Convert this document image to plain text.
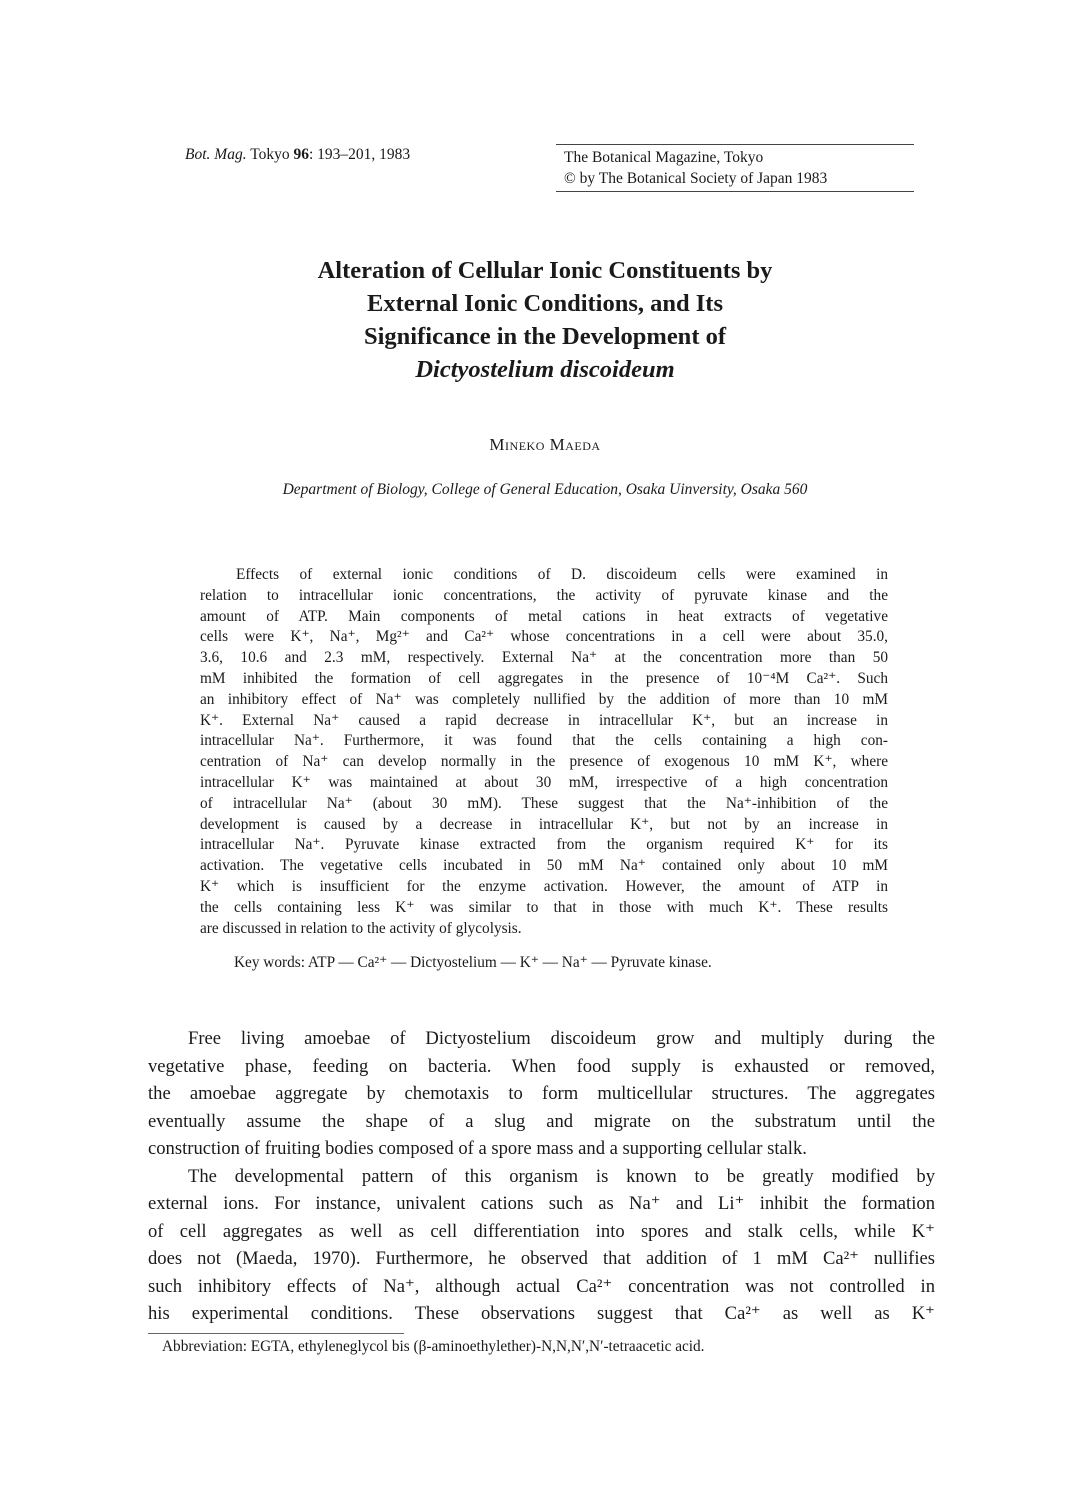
Bot. Mag. Tokyo 96: 193–201, 1983	The Botanical Magazine, Tokyo
© by The Botanical Society of Japan 1983
Alteration of Cellular Ionic Constituents by
External Ionic Conditions, and Its
Significance in the Development of
Dictyostelium discoideum
Mineko Maeda
Department of Biology, College of General Education, Osaka Uinversity, Osaka 560
Effects of external ionic conditions of D. discoideum cells were examined in
relation to intracellular ionic concentrations, the activity of pyruvate kinase and the
amount of ATP. Main components of metal cations in heat extracts of vegetative
cells were K⁺, Na⁺, Mg²⁺ and Ca²⁺ whose concentrations in a cell were about 35.0,
3.6, 10.6 and 2.3 mM, respectively. External Na⁺ at the concentration more than 50
mM inhibited the formation of cell aggregates in the presence of 10⁻⁴M Ca²⁺. Such
an inhibitory effect of Na⁺ was completely nullified by the addition of more than 10 mM
K⁺. External Na⁺ caused a rapid decrease in intracellular K⁺, but an increase in
intracellular Na⁺. Furthermore, it was found that the cells containing a high con-
centration of Na⁺ can develop normally in the presence of exogenous 10 mM K⁺, where
intracellular K⁺ was maintained at about 30 mM, irrespective of a high concentration
of intracellular Na⁺ (about 30 mM). These suggest that the Na⁺-inhibition of the
development is caused by a decrease in intracellular K⁺, but not by an increase in
intracellular Na⁺. Pyruvate kinase extracted from the organism required K⁺ for its
activation. The vegetative cells incubated in 50 mM Na⁺ contained only about 10 mM
K⁺ which is insufficient for the enzyme activation. However, the amount of ATP in
the cells containing less K⁺ was similar to that in those with much K⁺. These results
are discussed in relation to the activity of glycolysis.
Key words: ATP — Ca²⁺ — Dictyostelium — K⁺ — Na⁺ — Pyruvate kinase.
Free living amoebae of Dictyostelium discoideum grow and multiply during the
vegetative phase, feeding on bacteria. When food supply is exhausted or removed,
the amoebae aggregate by chemotaxis to form multicellular structures. The aggregates
eventually assume the shape of a slug and migrate on the substratum until the
construction of fruiting bodies composed of a spore mass and a supporting cellular stalk.
The developmental pattern of this organism is known to be greatly modified by
external ions. For instance, univalent cations such as Na⁺ and Li⁺ inhibit the formation
of cell aggregates as well as cell differentiation into spores and stalk cells, while K⁺
does not (Maeda, 1970). Furthermore, he observed that addition of 1 mM Ca²⁺ nullifies
such inhibitory effects of Na⁺, although actual Ca²⁺ concentration was not controlled in
his experimental conditions. These observations suggest that Ca²⁺ as well as K⁺
Abbreviation: EGTA, ethyleneglycol bis (β-aminoethylether)-N,N,N′,N′-tetraacetic acid.
